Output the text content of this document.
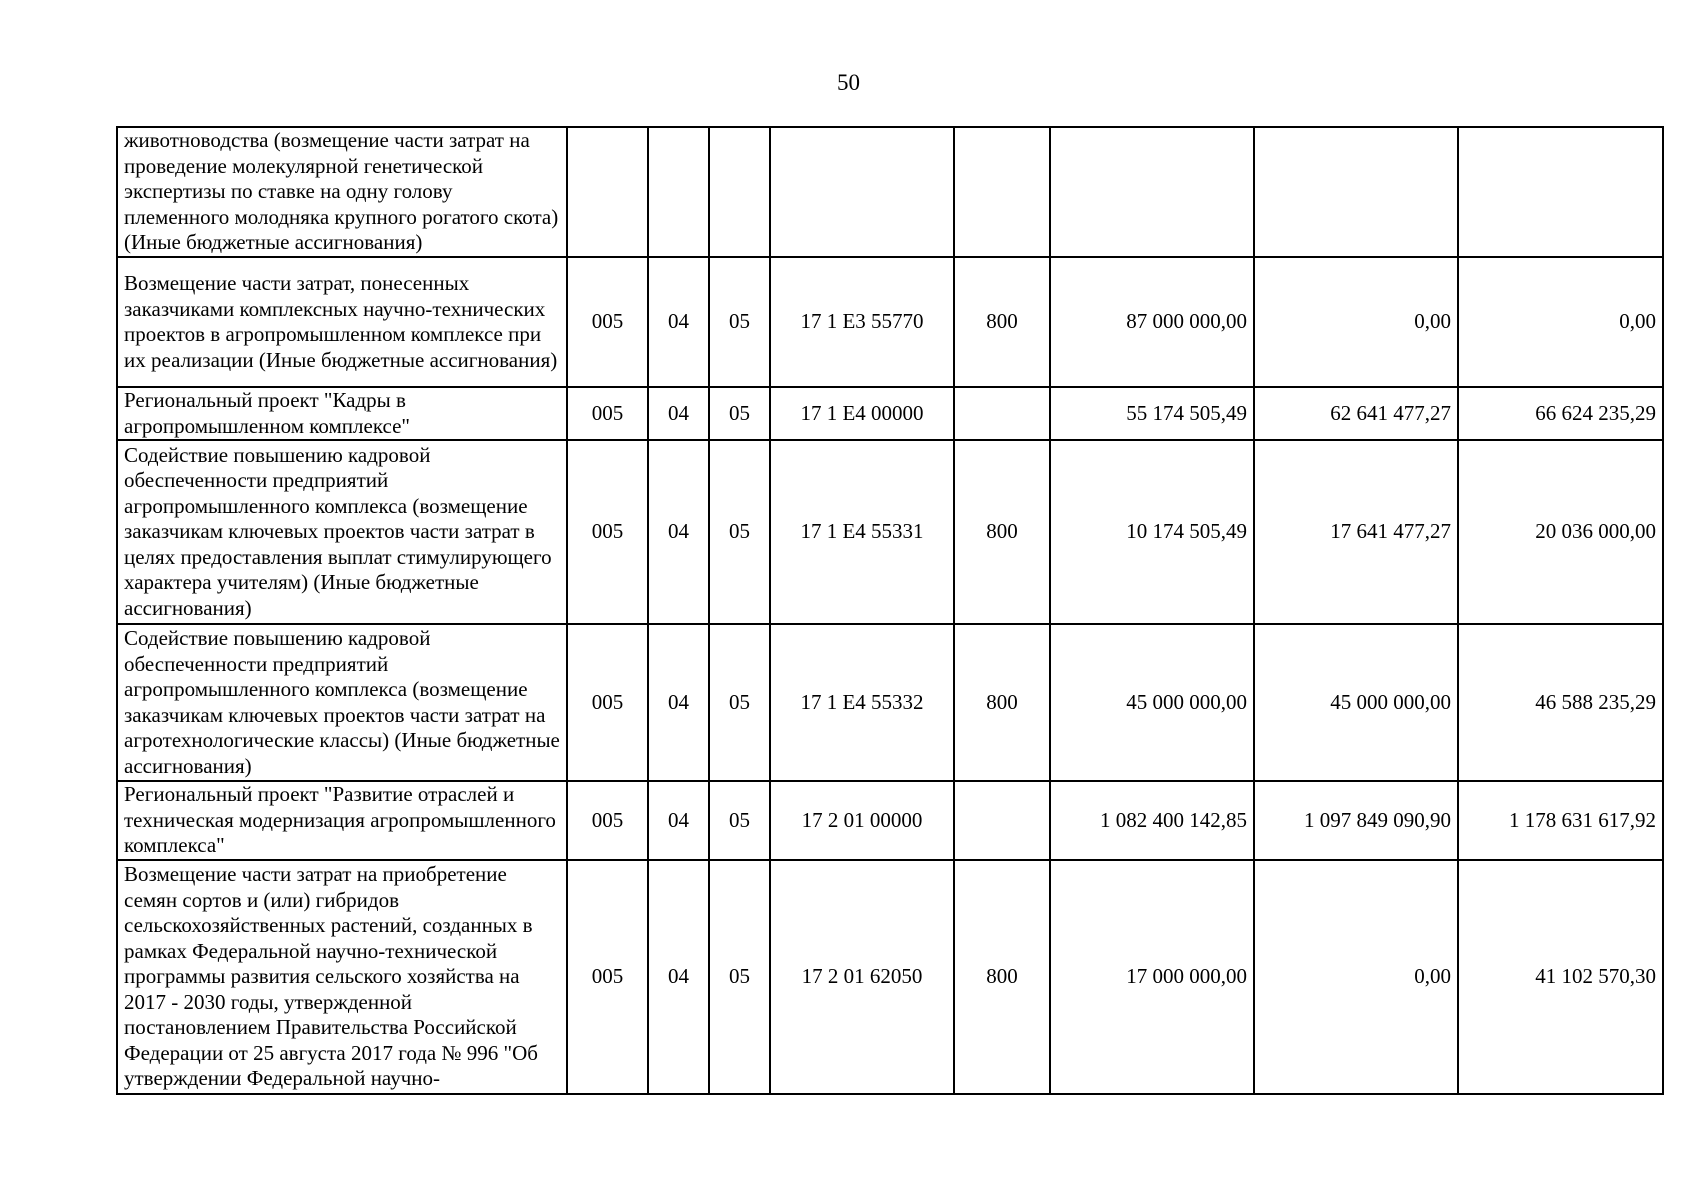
50
животноводства (возмещение части затрат на проведение молекулярной генетической экспертизы по ставке на одну голову племенного молодняка крупного рогатого скота) (Иные бюджетные ассигнования)								
Возмещение части затрат, понесенных заказчиками комплексных научно-технических проектов в агропромышленном комплексе при их реализации (Иные бюджетные ассигнования)	005	04	05	17 1 E3 55770	800	87 000 000,00	0,00	0,00
Региональный проект "Кадры в агропромышленном комплексе"	005	04	05	17 1 E4 00000		55 174 505,49	62 641 477,27	66 624 235,29
Содействие повышению кадровой обеспеченности предприятий агропромышленного комплекса (возмещение заказчикам ключевых проектов части затрат в целях предоставления выплат стимулирующего характера учителям) (Иные бюджетные ассигнования)	005	04	05	17 1 E4 55331	800	10 174 505,49	17 641 477,27	20 036 000,00
Содействие повышению кадровой обеспеченности предприятий агропромышленного комплекса (возмещение заказчикам ключевых проектов части затрат на агротехнологические классы) (Иные бюджетные ассигнования)	005	04	05	17 1 E4 55332	800	45 000 000,00	45 000 000,00	46 588 235,29
Региональный проект "Развитие отраслей и техническая модернизация агропромышленного комплекса"	005	04	05	17 2 01 00000		1 082 400 142,85	1 097 849 090,90	1 178 631 617,92
Возмещение части затрат на приобретение семян сортов и (или) гибридов сельскохозяйственных растений, созданных в рамках Федеральной научно-технической программы развития сельского хозяйства на 2017 - 2030 годы, утвержденной постановлением Правительства Российской Федерации от 25 августа 2017 года № 996 "Об утверждении Федеральной научно-	005	04	05	17 2 01 62050	800	17 000 000,00	0,00	41 102 570,30
